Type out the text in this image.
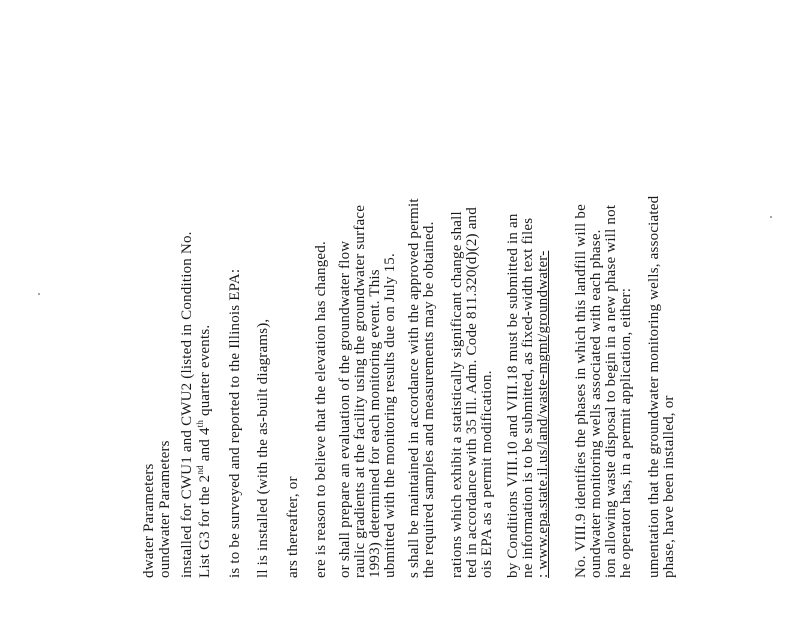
dwater Parameters oundwater Parameters installed for CWU1 and CWU2 (listed in Condition No. List G3 for the 2nd and 4th quarter events. is to be surveyed and reported to the Illinois EPA: ll is installed (with the as-built diagrams), ars thereafter, or ere is reason to believe that the elevation has changed. or shall prepare an evaluation of the groundwater flow raulic gradients at the facility using the groundwater surface 1993) determined for each monitoring event. This ubmitted with the monitoring results due on July 15. s shall be maintained in accordance with the approved permit the required samples and measurements may be obtained. rations which exhibit a statistically significant change shall ted in accordance with 35 Ill. Adm. Code 811.320(d)(2) and ois EPA as a permit modification. by Conditions VIII.10 and VIII.18 must be submitted in an ne information is to be submitted, as fixed-width text files : www.epa.state.il.us/land/waste-mgmt/groundwater- No. VIII.9 identifies the phases in which this landfill will be oundwater monitoring wells associated with each phase. ion allowing waste disposal to begin in a new phase will not he operator has, in a permit application, either: umentation that the groundwater monitoring wells, associated phase, have been installed, or
